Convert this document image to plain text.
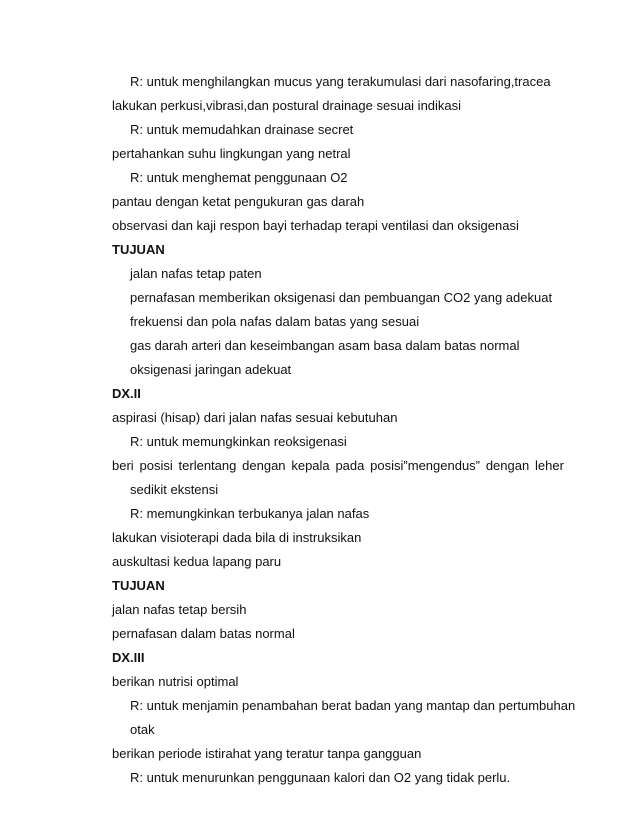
R: untuk menghilangkan mucus yang terakumulasi dari nasofaring,tracea
lakukan perkusi,vibrasi,dan postural drainage sesuai indikasi
R: untuk memudahkan drainase secret
pertahankan suhu lingkungan yang netral
R: untuk menghemat penggunaan O2
pantau dengan ketat pengukuran gas darah
observasi dan kaji respon bayi terhadap terapi ventilasi dan oksigenasi
TUJUAN
jalan nafas tetap paten
pernafasan memberikan oksigenasi dan pembuangan CO2 yang adekuat
frekuensi dan pola nafas dalam batas yang sesuai
gas darah arteri dan keseimbangan asam basa dalam batas normal
oksigenasi jaringan adekuat
DX.II
aspirasi (hisap) dari jalan nafas sesuai kebutuhan
R: untuk memungkinkan reoksigenasi
beri posisi terlentang dengan kepala pada posisi”mengendus” dengan leher
sedikit ekstensi
R: memungkinkan terbukanya jalan nafas
lakukan visioterapi dada bila di instruksikan
auskultasi kedua lapang paru
TUJUAN
jalan nafas tetap bersih
pernafasan dalam batas normal
DX.III
berikan nutrisi optimal
R: untuk menjamin penambahan berat badan yang mantap dan pertumbuhan
otak
berikan periode istirahat yang teratur tanpa gangguan
R: untuk menurunkan penggunaan kalori dan O2 yang tidak perlu.
